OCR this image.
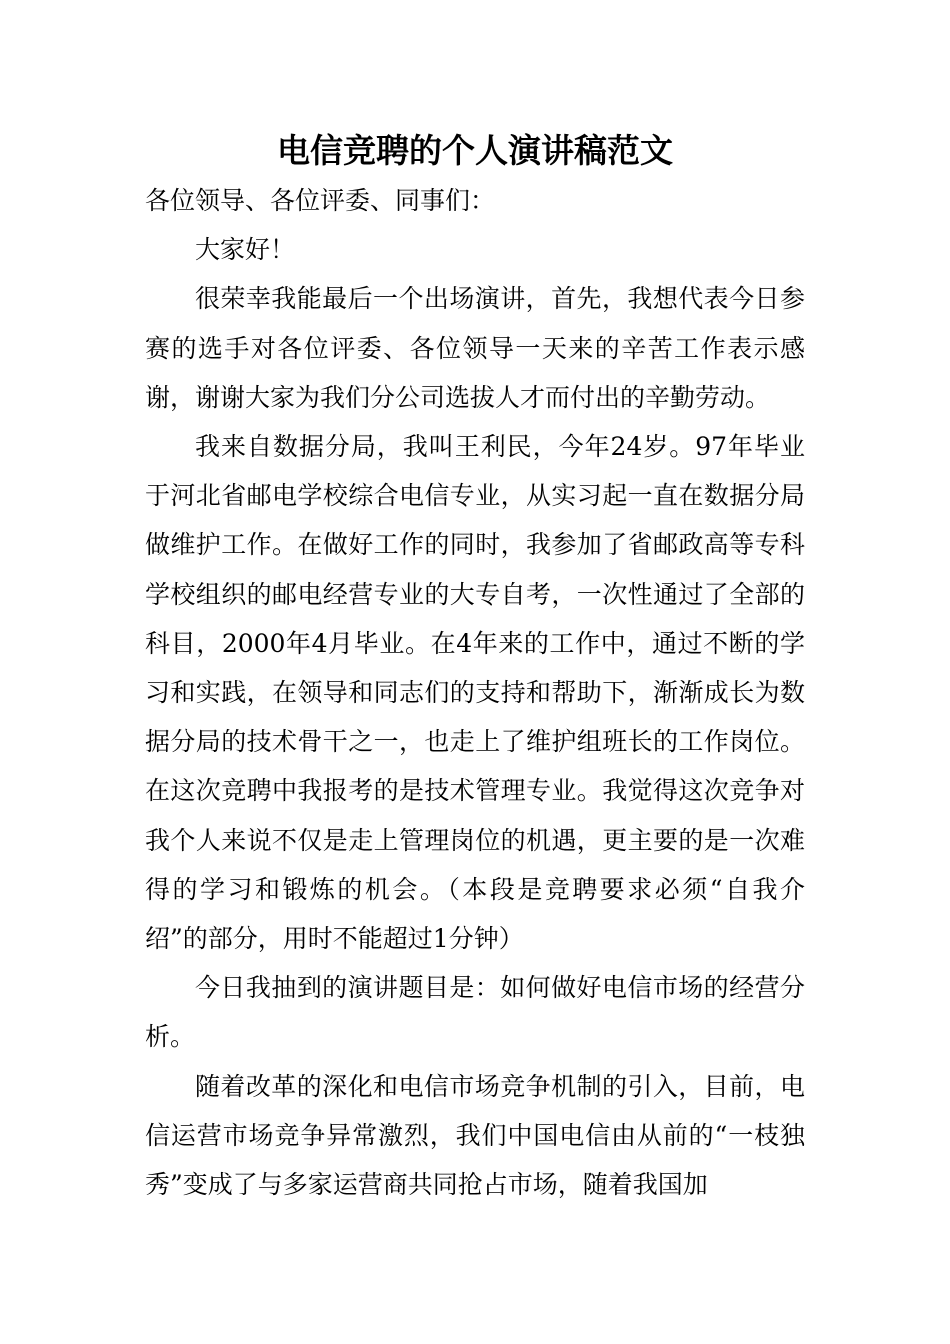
电信竞聘的个人演讲稿范文

各位领导、各位评委、同事们：

大家好！

很荣幸我能最后一个出场演讲，首先，我想代表今日参赛的选手对各位评委、各位领导一天来的辛苦工作表示感谢，谢谢大家为我们分公司选拔人才而付出的辛勤劳动。

我来自数据分局，我叫王利民，今年24岁。97年毕业于河北省邮电学校综合电信专业，从实习起一直在数据分局做维护工作。在做好工作的同时，我参加了省邮政高等专科学校组织的邮电经营专业的大专自考，一次性通过了全部的科目，2000年4月毕业。在4年来的工作中，通过不断的学习和实践，在领导和同志们的支持和帮助下，渐渐成长为数据分局的技术骨干之一，也走上了维护组班长的工作岗位。在这次竞聘中我报考的是技术管理专业。我觉得这次竞争对我个人来说不仅是走上管理岗位的机遇，更主要的是一次难得的学习和锻炼的机会。（本段是竞聘要求必须“自我介绍”的部分，用时不能超过1分钟）

今日我抽到的演讲题目是：如何做好电信市场的经营分析。

随着改革的深化和电信市场竞争机制的引入，目前，电信运营市场竞争异常激烈，我们中国电信由从前的“一枝独秀”变成了与多家运营商共同抢占市场，随着我国加
